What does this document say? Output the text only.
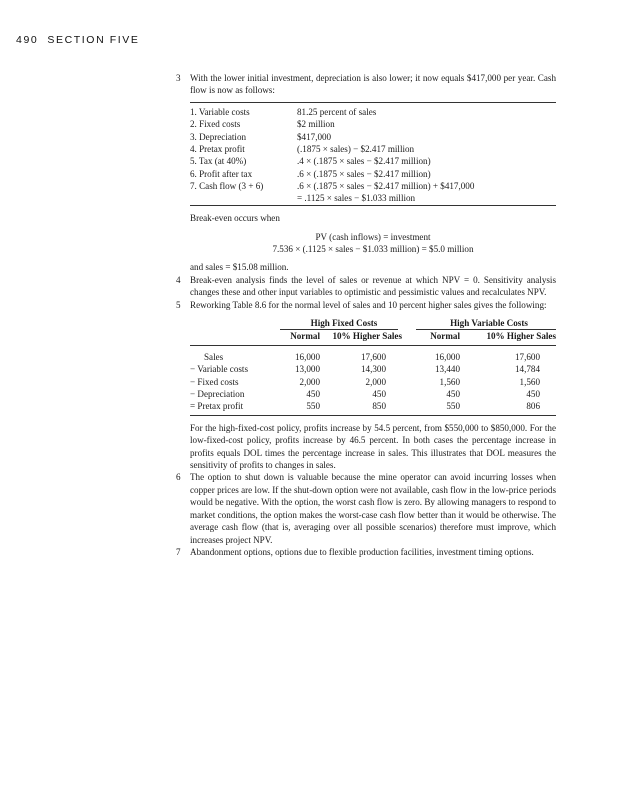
490 SECTION FIVE
3 With the lower initial investment, depreciation is also lower; it now equals $417,000 per year. Cash flow is now as follows:
1. Variable costs	81.25 percent of sales
2. Fixed costs	$2 million
3. Depreciation	$417,000
4. Pretax profit	(.1875 × sales) − $2.417 million
5. Tax (at 40%)	.4 × (.1875 × sales − $2.417 million)
6. Profit after tax	.6 × (.1875 × sales − $2.417 million)
7. Cash flow (3 + 6)	.6 × (.1875 × sales − $2.417 million) + $417,000
= .1125 × sales − $1.033 million
Break-even occurs when
PV (cash inflows) = investment
7.536 × (.1125 × sales − $1.033 million) = $5.0 million
and sales = $15.08 million.
4 Break-even analysis finds the level of sales or revenue at which NPV = 0. Sensitivity analysis changes these and other input variables to optimistic and pessimistic values and recalculates NPV.
5 Reworking Table 8.6 for the normal level of sales and 10 percent higher sales gives the following:
	High Fixed Costs		High Variable Costs	

	Normal	10% Higher Sales	Normal	10% Higher Sales

Sales	16,000	17,600	16,000	17,600
− Variable costs	13,000	14,300	13,440	14,784
− Fixed costs	2,000	2,000	1,560	1,560
− Depreciation	450	450	450	450
= Pretax profit	550	850	550	806

For the high-fixed-cost policy, profits increase by 54.5 percent, from $550,000 to $850,000. For the low-fixed-cost policy, profits increase by 46.5 percent. In both cases the percentage increase in profits equals DOL times the percentage increase in sales. This illustrates that DOL measures the sensitivity of profits to changes in sales.
6 The option to shut down is valuable because the mine operator can avoid incurring losses when copper prices are low. If the shut-down option were not available, cash flow in the low-price periods would be negative. With the option, the worst cash flow is zero. By allowing managers to respond to market conditions, the option makes the worst-case cash flow better than it would be otherwise. The average cash flow (that is, averaging over all possible scenarios) therefore must improve, which increases project NPV.
7 Abandonment options, options due to flexible production facilities, investment timing options.
